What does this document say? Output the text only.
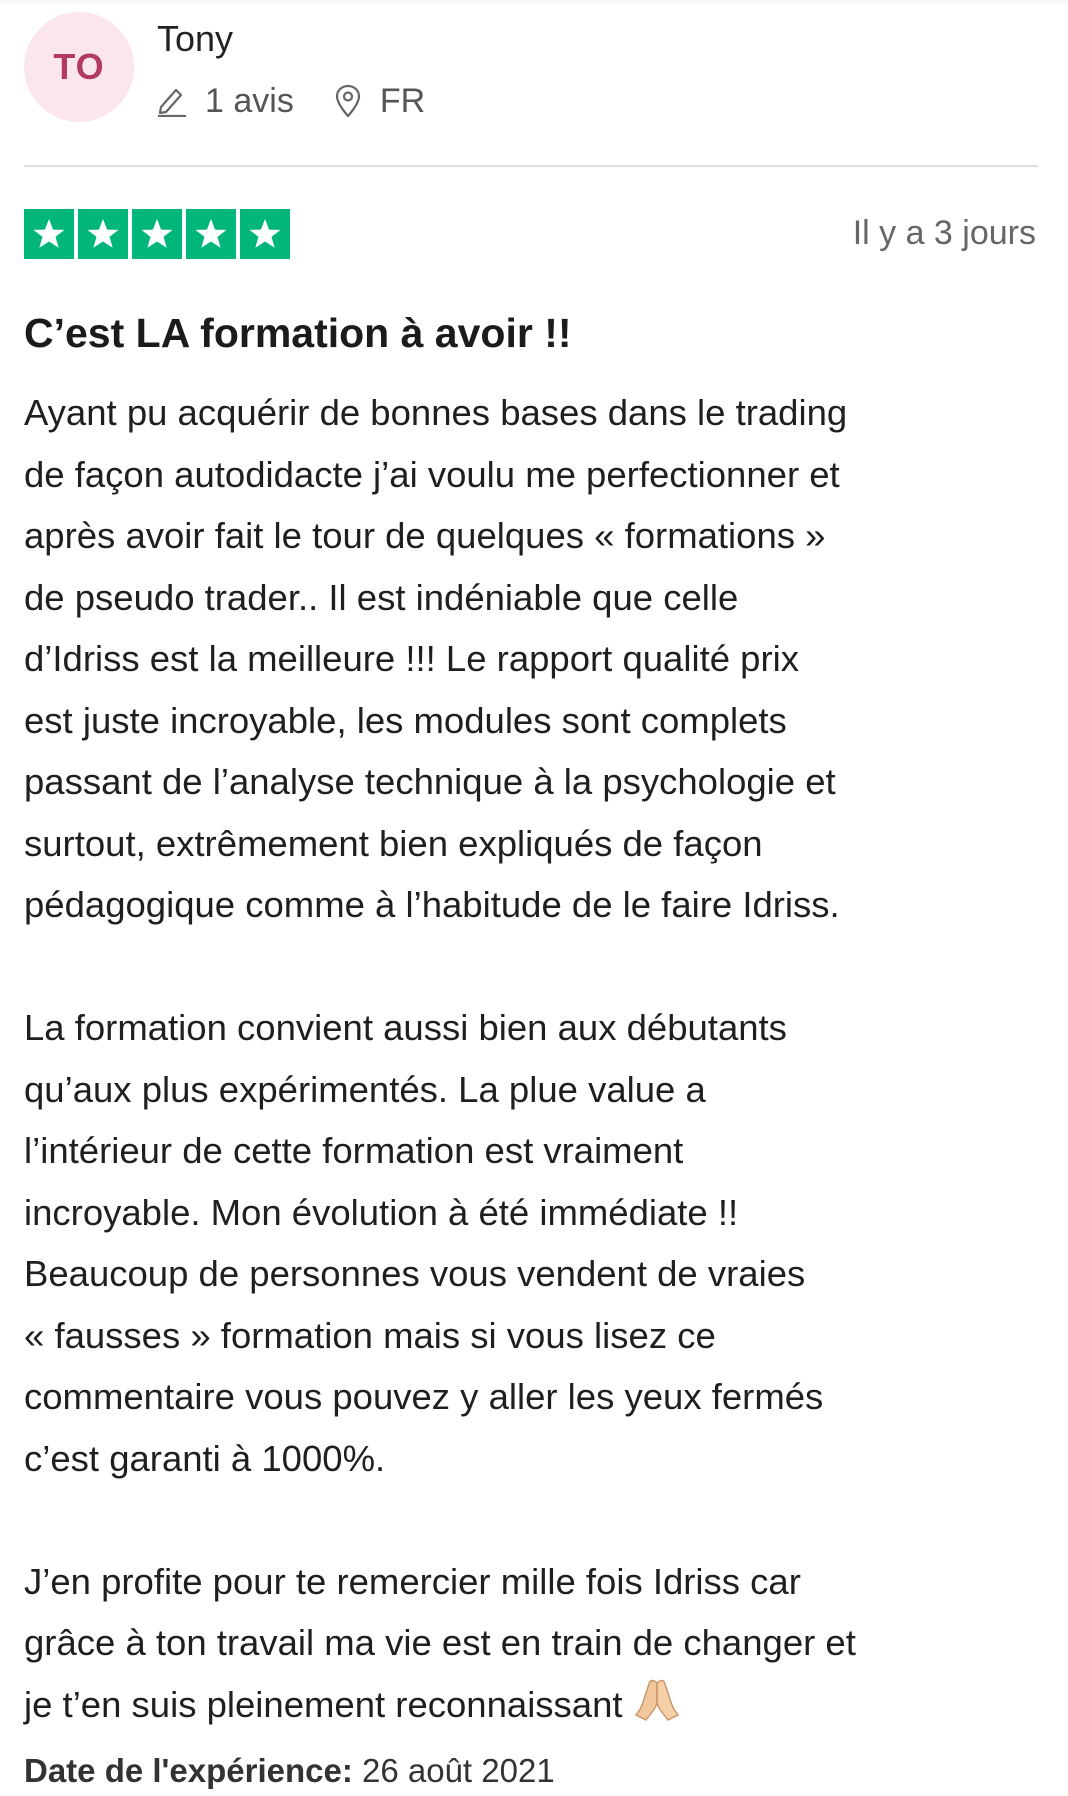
TO
Tony
1 avis	FR
Il y a 3 jours
C’est LA formation à avoir !!

Ayant pu acquérir de bonnes bases dans le trading
de façon autodidacte j’ai voulu me perfectionner et
après avoir fait le tour de quelques « formations »
de pseudo trader.. Il est indéniable que celle
d’Idriss est la meilleure !!! Le rapport qualité prix
est juste incroyable, les modules sont complets
passant de l’analyse technique à la psychologie et
surtout, extrêmement bien expliqués de façon
pédagogique comme à l’habitude de le faire Idriss.

La formation convient aussi bien aux débutants
qu’aux plus expérimentés. La plue value a
l’intérieur de cette formation est vraiment
incroyable. Mon évolution à été immédiate !!
Beaucoup de personnes vous vendent de vraies
« fausses » formation mais si vous lisez ce
commentaire vous pouvez y aller les yeux fermés
c’est garanti à 1000%.

J’en profite pour te remercier mille fois Idriss car
grâce à ton travail ma vie est en train de changer et
je t’en suis pleinement reconnaissant

Date de l'expérience: 26 août 2021
